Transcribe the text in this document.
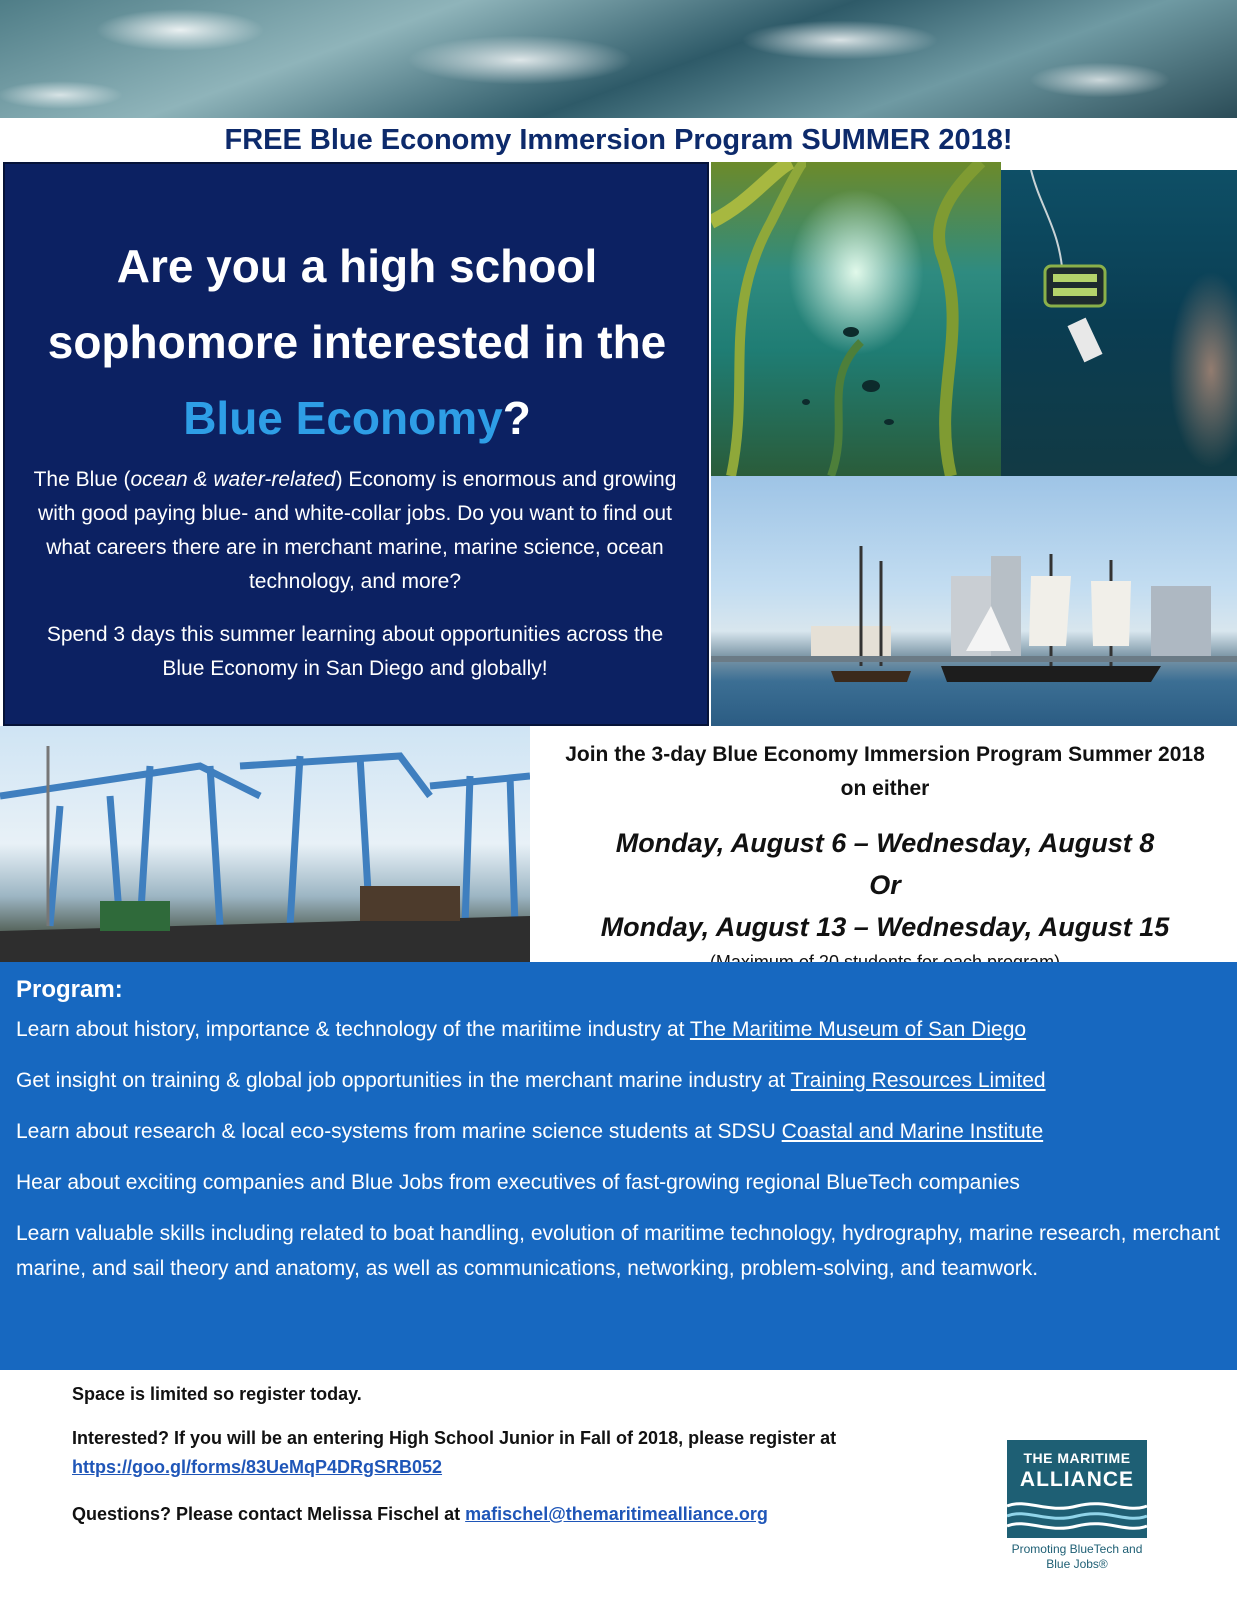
FREE Blue Economy Immersion Program SUMMER 2018!
Are you a high school
sophomore interested in the
Blue Economy?
The Blue (ocean & water-related) Economy is enormous and growing with good paying blue- and white-collar jobs. Do you want to find out what careers there are in merchant marine, marine science, ocean technology, and more?
Spend 3 days this summer learning about opportunities across the Blue Economy in San Diego and globally!
Join the 3-day Blue Economy Immersion Program Summer 2018 on either
Monday, August 6 – Wednesday, August 8
Or
Monday, August 13 – Wednesday, August 15
Program:
Learn about history, importance & technology of the maritime industry at The Maritime Museum of San Diego
Get insight on training & global job opportunities in the merchant marine industry at Training Resources Limited
Learn about research & local eco-systems from marine science students at SDSU Coastal and Marine Institute
Hear about exciting companies and Blue Jobs from executives of fast-growing regional BlueTech companies
Learn valuable skills including related to boat handling, evolution of maritime technology, hydrography, marine research, merchant marine, and sail theory and anatomy, as well as communications, networking, problem-solving, and teamwork.
Space is limited so register today.
Interested? If you will be an entering High School Junior in Fall of 2018, please register at
https://goo.gl/forms/83UeMqP4DRgSRB052
Questions? Please contact Melissa Fischel at mafischel@themaritimealliance.org
THE MARITIME
ALLIANCE
Promoting BlueTech and Blue Jobs®
